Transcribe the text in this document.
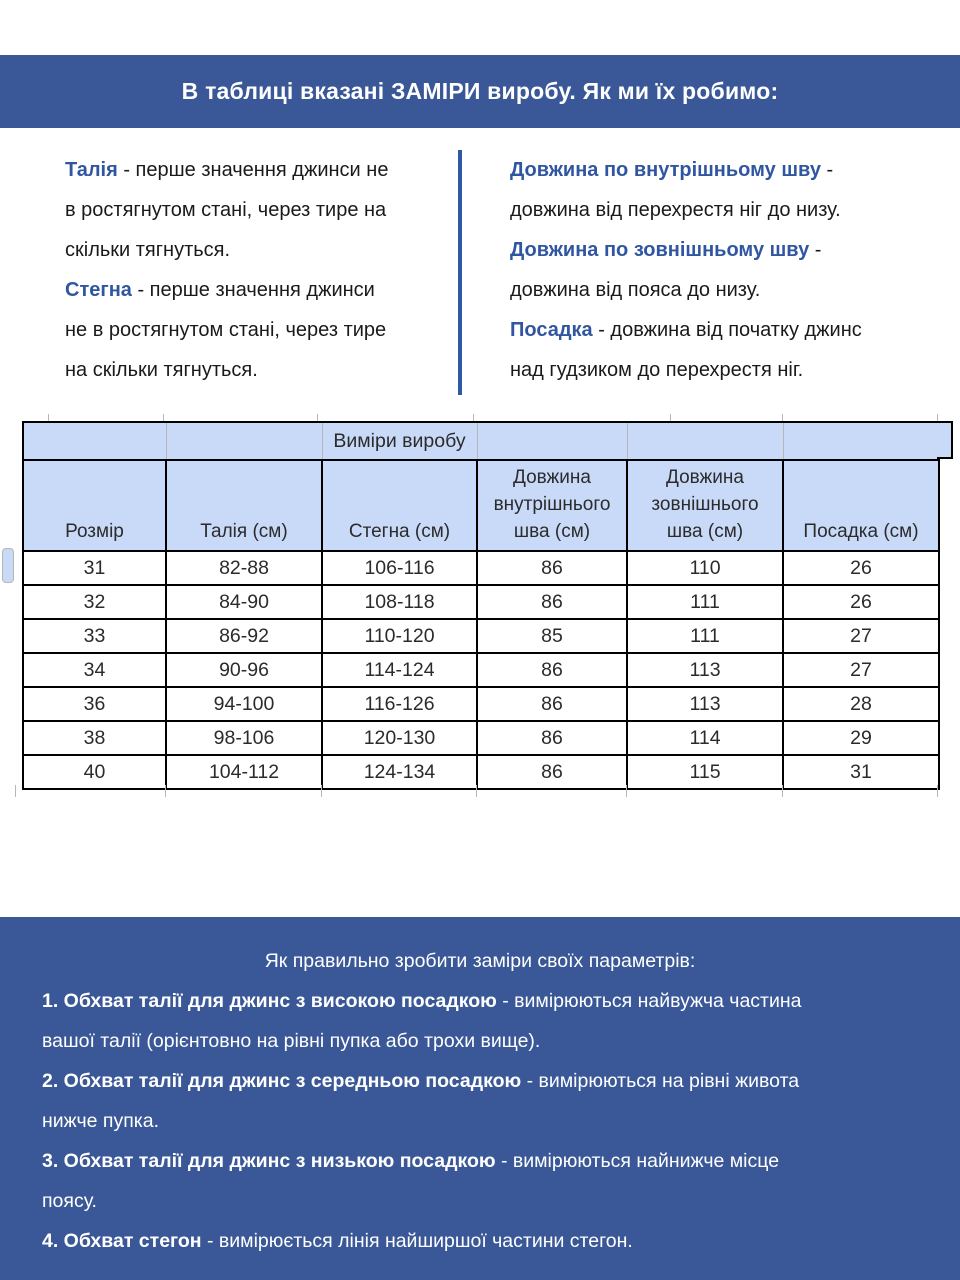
В таблиці вказані ЗАМІРИ виробу. Як ми їх робимо:
Талія - перше значення джинси не
в ростягнутом стані, через тире на
скільки тягнуться.
Стегна - перше значення джинси
не в ростягнутом стані, через тире
на скільки тягнуться.
Довжина по внутрішньому шву -
довжина від перехрестя ніг до низу.
Довжина по зовнішньому шву -
довжина від пояса до низу.
Посадка - довжина від початку джинс
над гудзиком до перехрестя ніг.
		Виміри виробу			
Розмір	Талія (см)	Стегна (см)	Довжина внутрішнього шва (см)	Довжина зовнішнього шва (см)	Посадка (см)
31	82-88	106-116	86	110	26
32	84-90	108-118	86	111	26
33	86-92	110-120	85	111	27
34	90-96	114-124	86	113	27
36	94-100	116-126	86	113	28
38	98-106	120-130	86	114	29
40	104-112	124-134	86	115	31
Як правильно зробити заміри своїх параметрів:
1. Обхват талії для джинс з високою посадкою - вимірюються найвужча частина
вашої талії (орієнтовно на рівні пупка або трохи вище).
2. Обхват талії для джинс з середньою посадкою - вимірюються на рівні живота
нижче пупка.
3. Обхват талії для джинс з низькою посадкою - вимірюються найнижче місце
поясу.
4. Обхват стегон - вимірюється лінія найширшої частини стегон.
